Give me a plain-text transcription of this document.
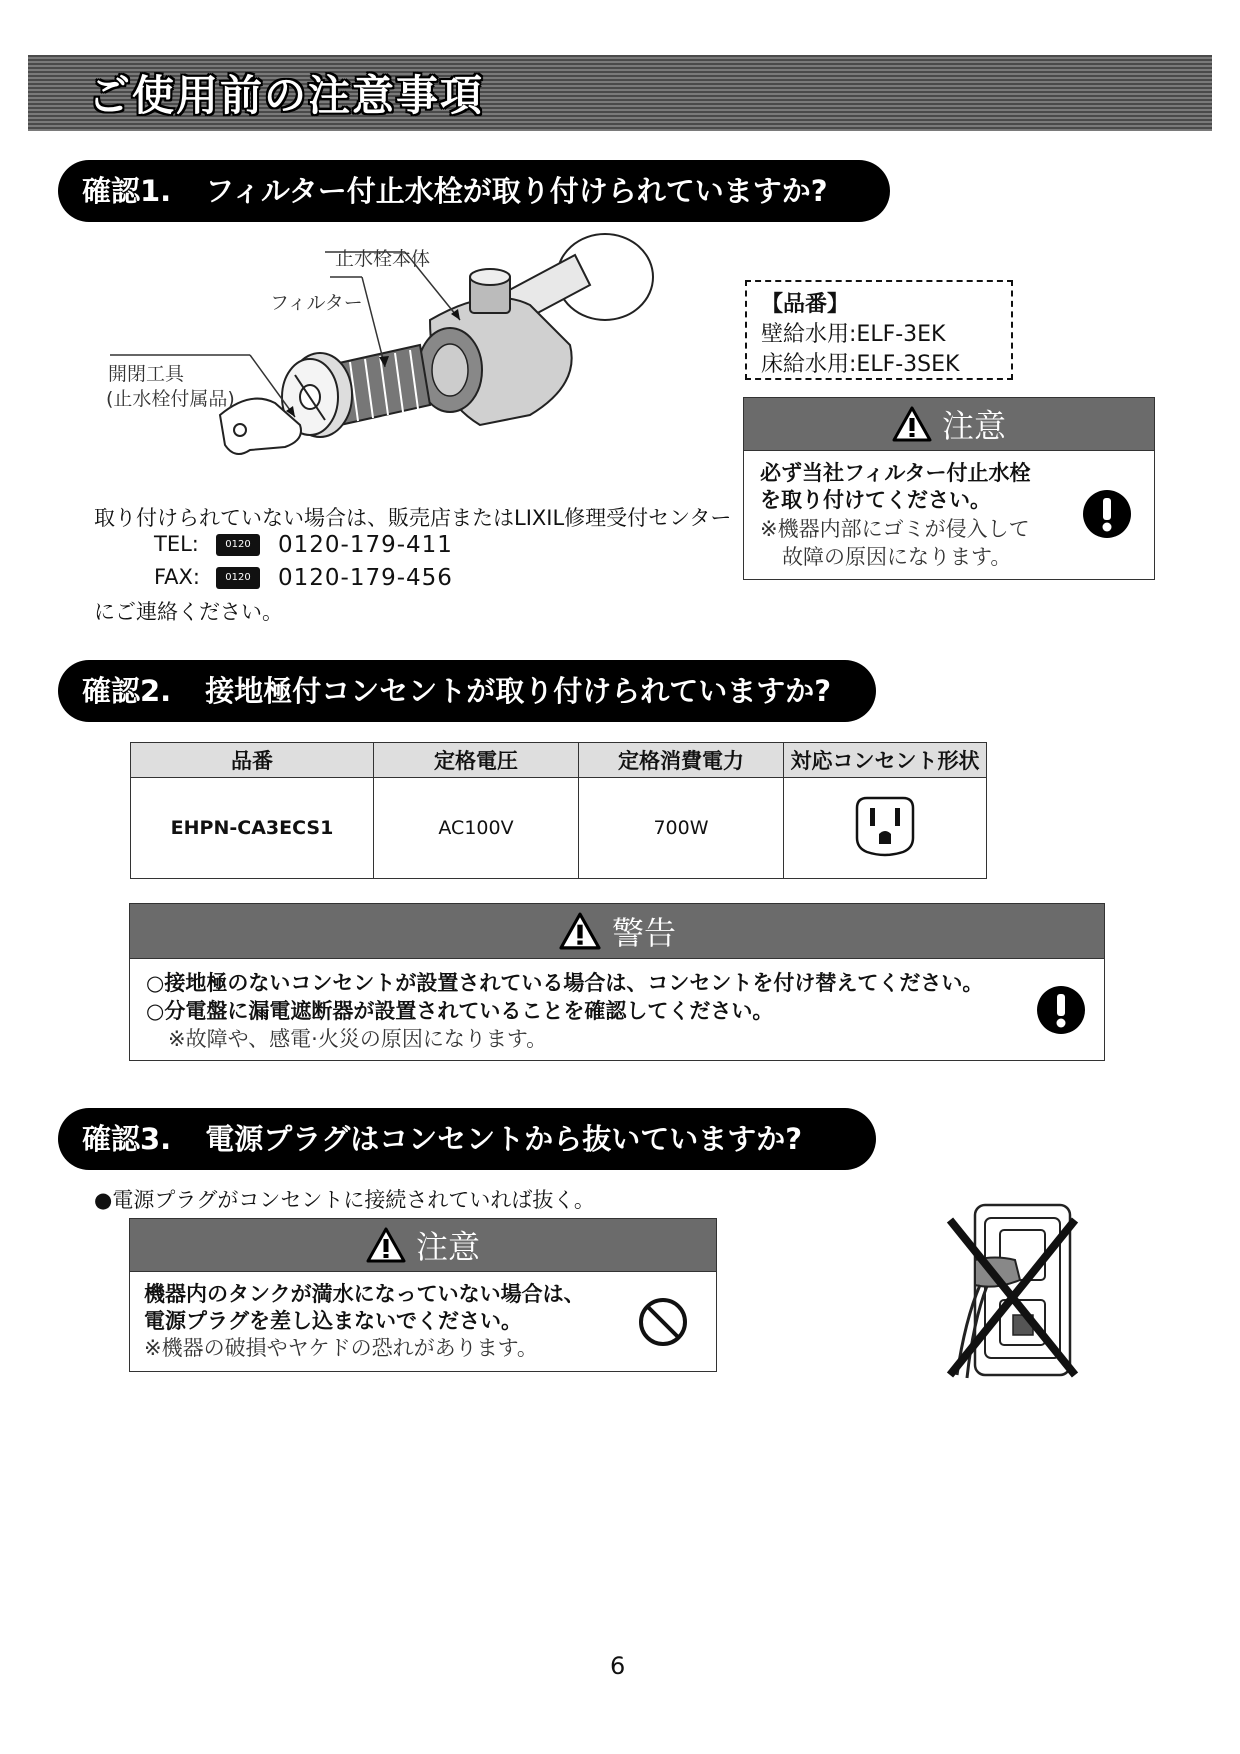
ご使用前の注意事項
確認1. フィルター付止水栓が取り付けられていますか?
止水栓本体
フィルター
開閉工具
(止水栓付属品)
【品番】
壁給水用:ELF-3EK
床給水用:ELF-3SEK
注意
必ず当社フィルター付止水栓
を取り付けてください。
※機器内部にゴミが侵入して
故障の原因になります。
取り付けられていない場合は、販売店またはLIXIL修理受付センター
TEL:	0120	0120-179-411
FAX:	0120	0120-179-456
にご連絡ください。
確認2. 接地極付コンセントが取り付けられていますか?
品番	定格電圧	定格消費電力	対応コンセント形状
EHPN-CA3ECS1	AC100V	700W	
警告
○接地極のないコンセントが設置されている場合は、コンセントを付け替えてください。
○分電盤に漏電遮断器が設置されていることを確認してください。
※故障や、感電·火災の原因になります。
確認3. 電源プラグはコンセントから抜いていますか?
●電源プラグがコンセントに接続されていれば抜く。
注意
機器内のタンクが満水になっていない場合は、
電源プラグを差し込まないでください。
※機器の破損やヤケドの恐れがあります。
6
